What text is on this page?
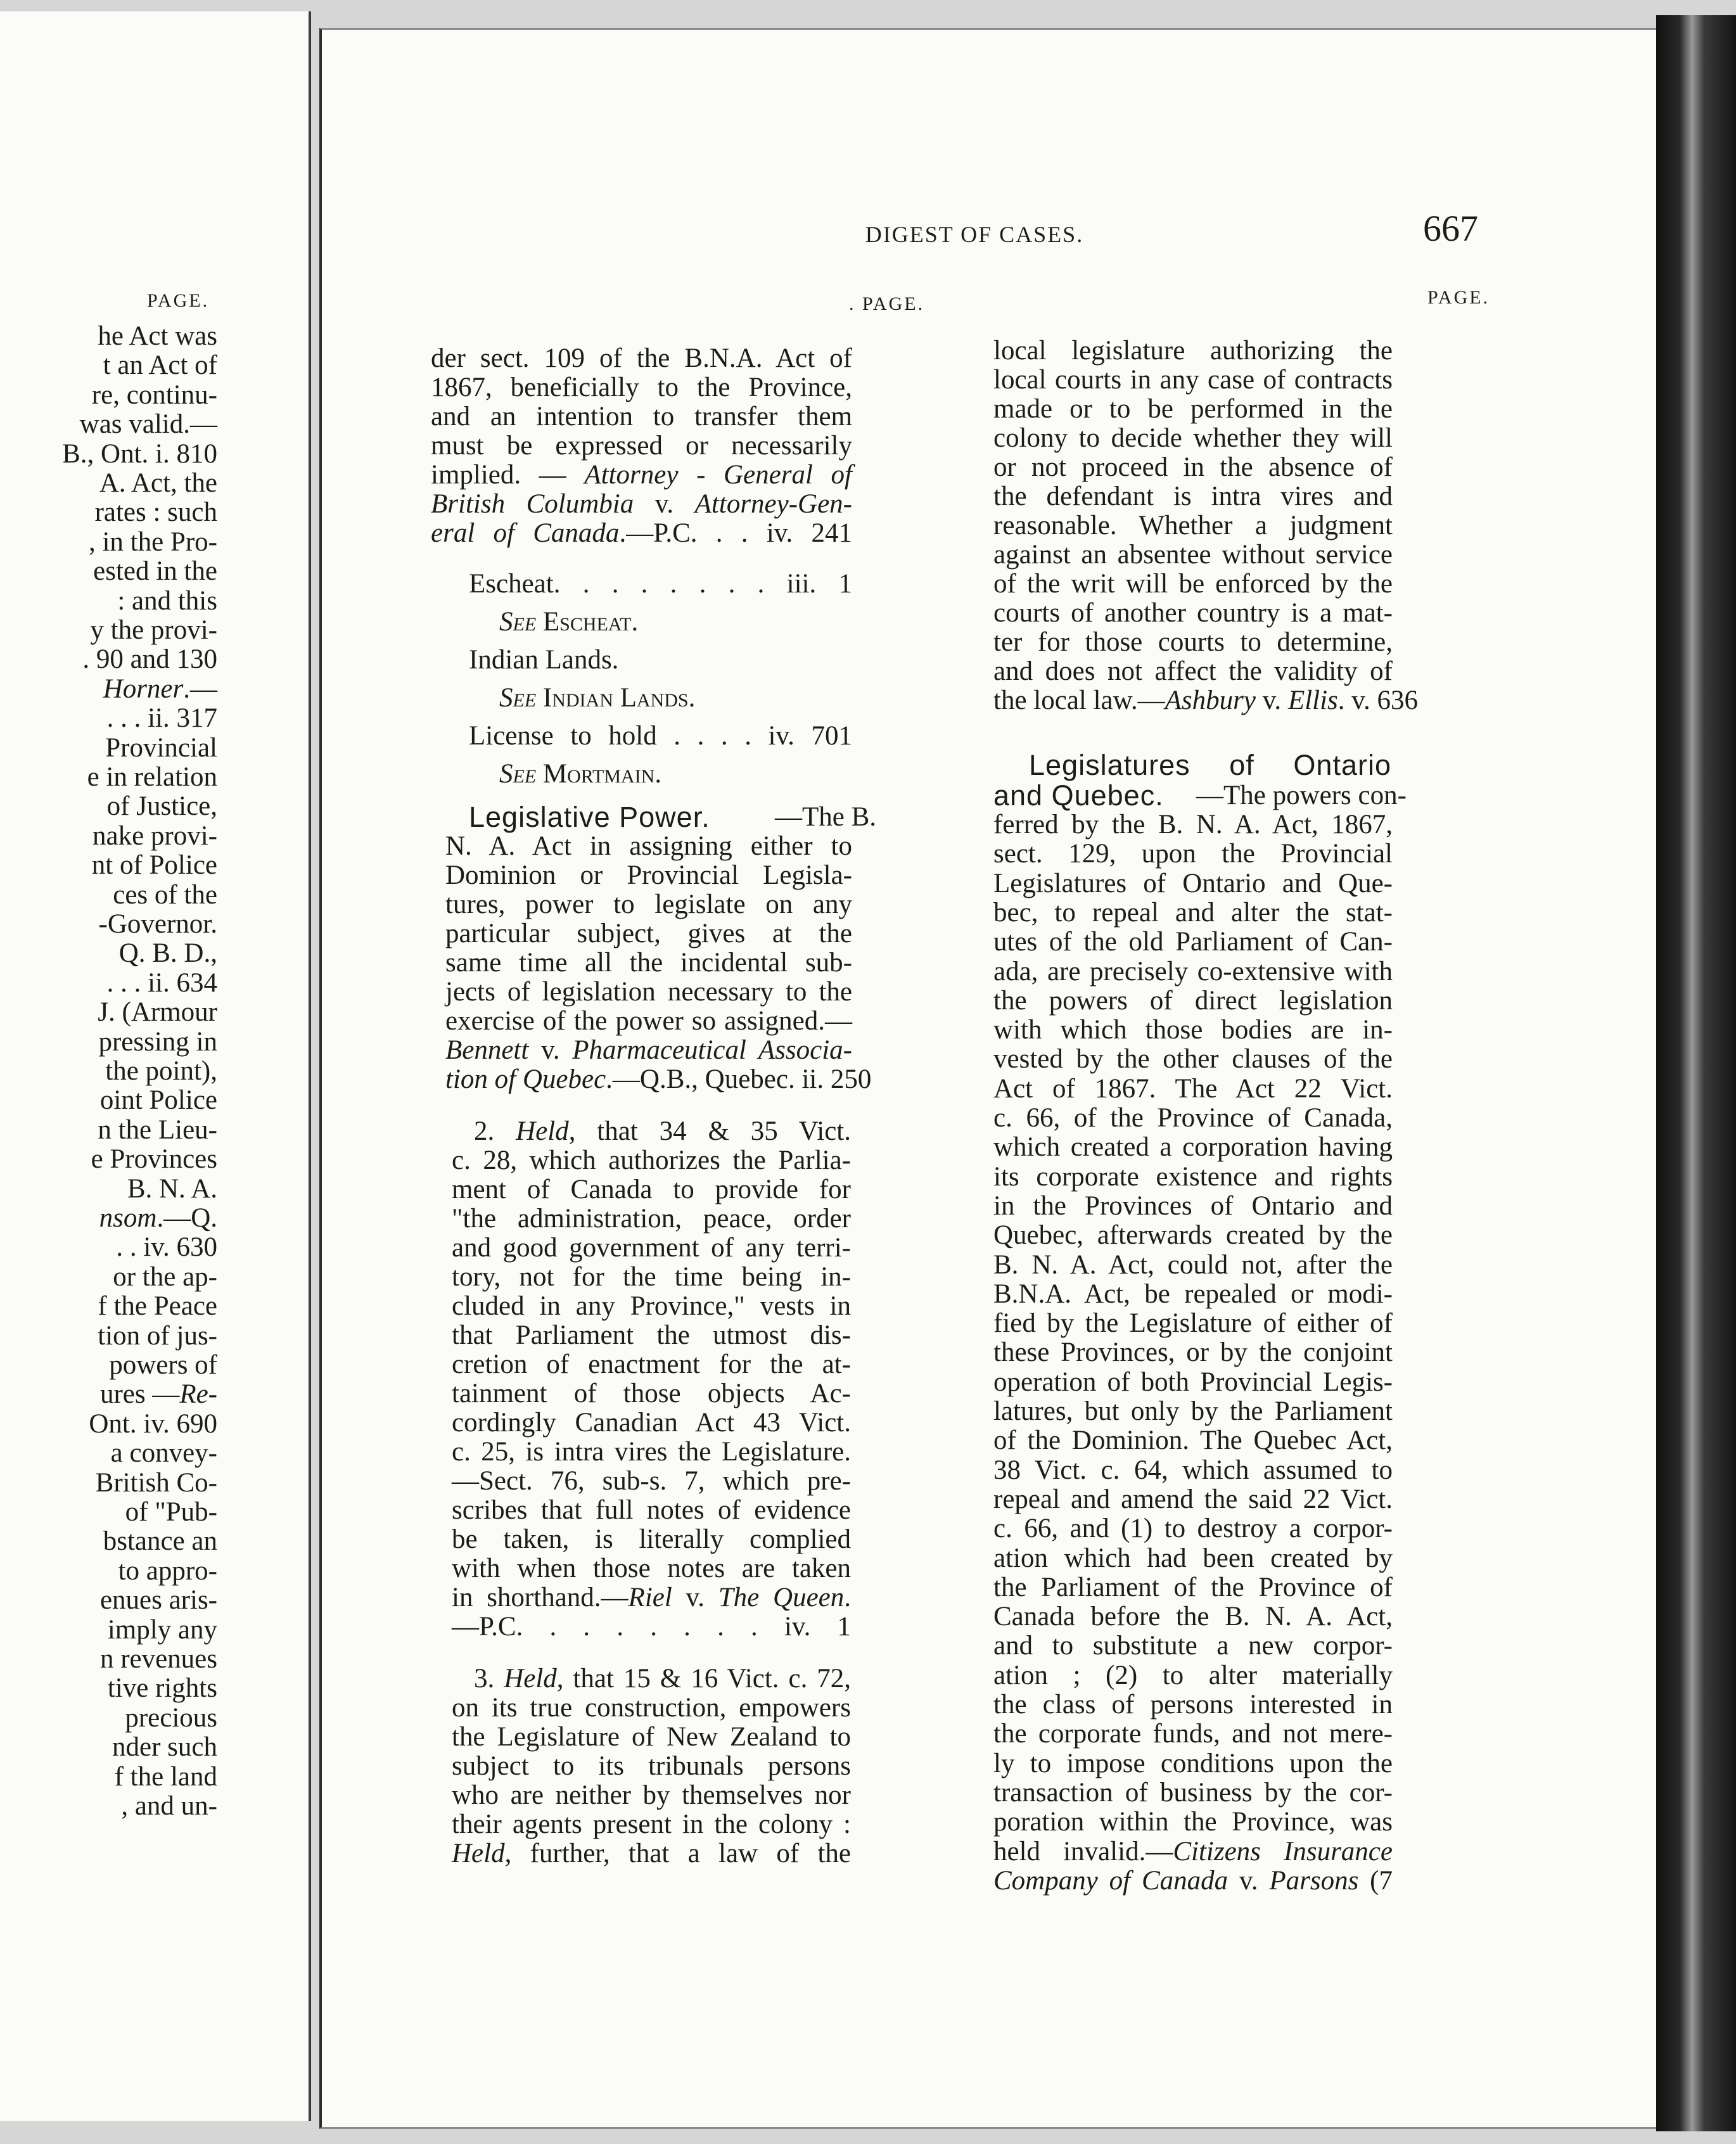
PAGE.
he Act was
t an Act of
re, continu-
was valid.—
B., Ont. i. 810
A. Act, the
rates : such
, in the Pro-
ested in the
: and this
y the provi-
. 90 and 130
Horner.—
. . . ii. 317
Provincial
e in relation
of Justice,
nake provi-
nt of Police
ces of the
-Governor.
Q. B. D.,
. . . ii. 634
J. (Armour
pressing in
the point),
oint Police
n the Lieu-
e Provinces
B. N. A.
nsom.—Q.
. . iv. 630
or the ap-
f the Peace
tion of jus-
powers of
ures —Re-
Ont. iv. 690
a convey-
British Co-
of "Pub-
bstance an
to appro-
enues aris-
imply any
n revenues
tive rights
precious
nder such
f the land
, and un-
DIGEST OF CASES.	667
. PAGE.	PAGE.
der sect. 109 of the B.N.A. Act of
1867, beneficially to the Province,
and an intention to transfer them
must be expressed or necessarily
implied. — Attorney - General of
British Columbia v. Attorney-Gen-
eral of Canada.—P.C. . . iv. 241
Escheat. . . . . . . . iii. 1
See Escheat.
Indian Lands.
See Indian Lands.
License to hold . . . . iv. 701
See Mortmain.
Legislative Power. —The B.
N. A. Act in assigning either to
Dominion or Provincial Legisla-
tures, power to legislate on any
particular subject, gives at the
same time all the incidental sub-
jects of legislation necessary to the
exercise of the power so assigned.—
Bennett v. Pharmaceutical Associa-
tion of Quebec.—Q.B., Quebec. ii. 250
2. Held, that 34 & 35 Vict.
c. 28, which authorizes the Parlia-
ment of Canada to provide for
"the administration, peace, order
and good government of any terri-
tory, not for the time being in-
cluded in any Province," vests in
that Parliament the utmost dis-
cretion of enactment for the at-
tainment of those objects Ac-
cordingly Canadian Act 43 Vict.
c. 25, is intra vires the Legislature.
—Sect. 76, sub-s. 7, which pre-
scribes that full notes of evidence
be taken, is literally complied
with when those notes are taken
in shorthand.—Riel v. The Queen.
—P.C. . . . . . . . iv. 1
3. Held, that 15 & 16 Vict. c. 72,
on its true construction, empowers
the Legislature of New Zealand to
subject to its tribunals persons
who are neither by themselves nor
their agents present in the colony :
Held, further, that a law of the
local legislature authorizing the
local courts in any case of contracts
made or to be performed in the
colony to decide whether they will
or not proceed in the absence of
the defendant is intra vires and
reasonable. Whether a judgment
against an absentee without service
of the writ will be enforced by the
courts of another country is a mat-
ter for those courts to determine,
and does not affect the validity of
the local law.—Ashbury v. Ellis. v. 636
Legislatures of Ontario
and Quebec. —The powers con-
ferred by the B. N. A. Act, 1867,
sect. 129, upon the Provincial
Legislatures of Ontario and Que-
bec, to repeal and alter the stat-
utes of the old Parliament of Can-
ada, are precisely co-extensive with
the powers of direct legislation
with which those bodies are in-
vested by the other clauses of the
Act of 1867. The Act 22 Vict.
c. 66, of the Province of Canada,
which created a corporation having
its corporate existence and rights
in the Provinces of Ontario and
Quebec, afterwards created by the
B. N. A. Act, could not, after the
B.N.A. Act, be repealed or modi-
fied by the Legislature of either of
these Provinces, or by the conjoint
operation of both Provincial Legis-
latures, but only by the Parliament
of the Dominion. The Quebec Act,
38 Vict. c. 64, which assumed to
repeal and amend the said 22 Vict.
c. 66, and (1) to destroy a corpor-
ation which had been created by
the Parliament of the Province of
Canada before the B. N. A. Act,
and to substitute a new corpor-
ation ; (2) to alter materially
the class of persons interested in
the corporate funds, and not mere-
ly to impose conditions upon the
transaction of business by the cor-
poration within the Province, was
held invalid.—Citizens Insurance
Company of Canada v. Parsons (7
